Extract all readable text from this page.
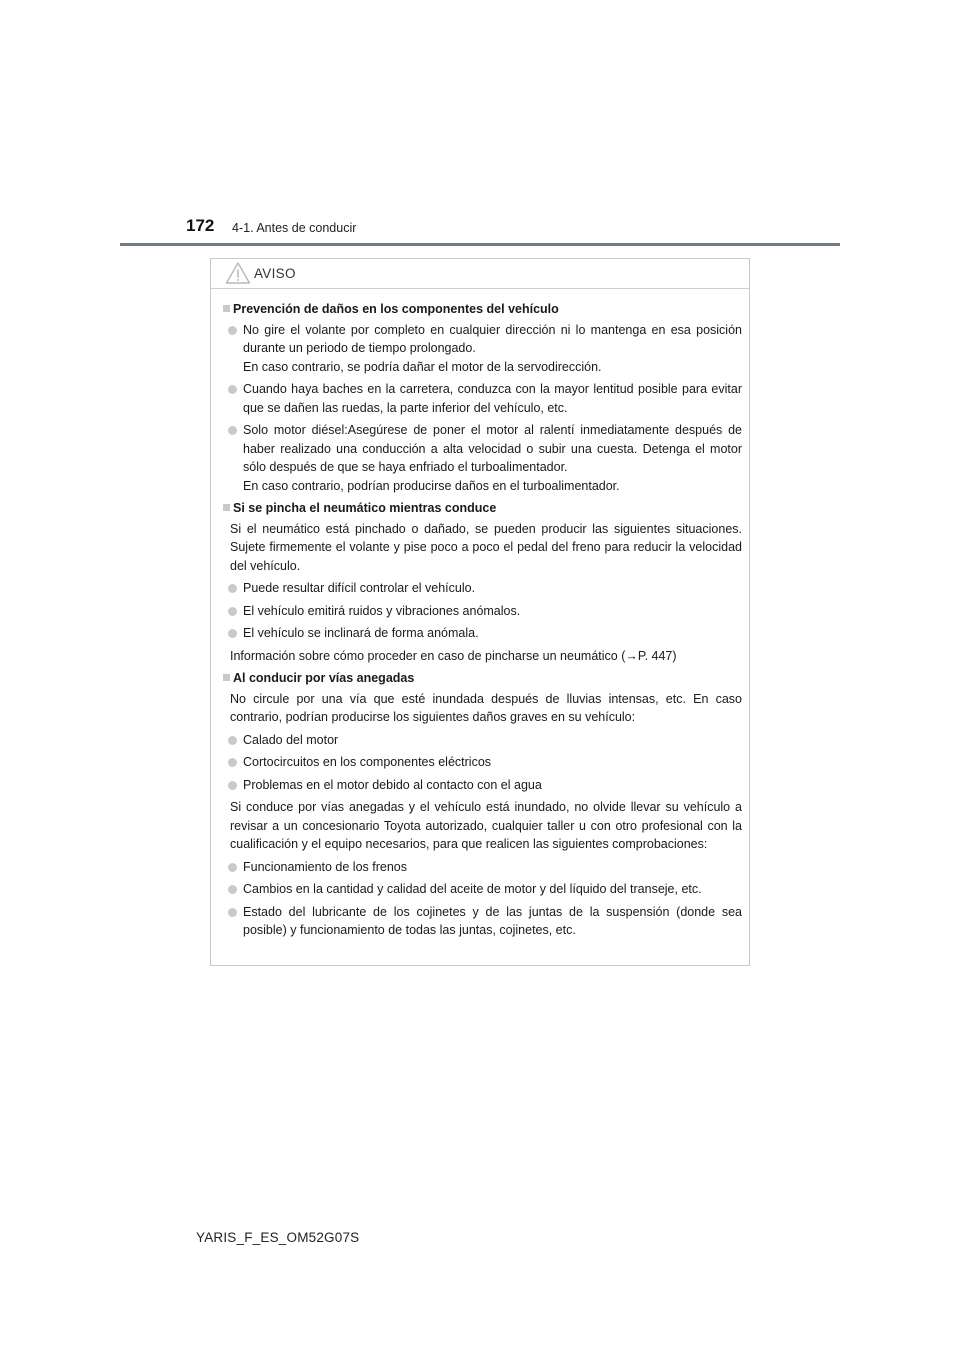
172 4-1. Antes de conducir
AVISO
Prevención de daños en los componentes del vehículo
No gire el volante por completo en cualquier dirección ni lo mantenga en esa posición durante un periodo de tiempo prolongado.
En caso contrario, se podría dañar el motor de la servodirección.
Cuando haya baches en la carretera, conduzca con la mayor lentitud posible para evitar que se dañen las ruedas, la parte inferior del vehículo, etc.
Solo motor diésel:Asegúrese de poner el motor al ralentí inmediatamente después de haber realizado una conducción a alta velocidad o subir una cuesta. Detenga el motor sólo después de que se haya enfriado el turboalimentador.
En caso contrario, podrían producirse daños en el turboalimentador.
Si se pincha el neumático mientras conduce
Si el neumático está pinchado o dañado, se pueden producir las siguientes situaciones. Sujete firmemente el volante y pise poco a poco el pedal del freno para reducir la velocidad del vehículo.
Puede resultar difícil controlar el vehículo.
El vehículo emitirá ruidos y vibraciones anómalos.
El vehículo se inclinará de forma anómala.
Información sobre cómo proceder en caso de pincharse un neumático (→P. 447)
Al conducir por vías anegadas
No circule por una vía que esté inundada después de lluvias intensas, etc. En caso contrario, podrían producirse los siguientes daños graves en su vehículo:
Calado del motor
Cortocircuitos en los componentes eléctricos
Problemas en el motor debido al contacto con el agua
Si conduce por vías anegadas y el vehículo está inundado, no olvide llevar su vehículo a revisar a un concesionario Toyota autorizado, cualquier taller u con otro profesional con la cualificación y el equipo necesarios, para que realicen las siguientes comprobaciones:
Funcionamiento de los frenos
Cambios en la cantidad y calidad del aceite de motor y del líquido del transeje, etc.
Estado del lubricante de los cojinetes y de las juntas de la suspensión (donde sea posible) y funcionamiento de todas las juntas, cojinetes, etc.
YARIS_F_ES_OM52G07S
